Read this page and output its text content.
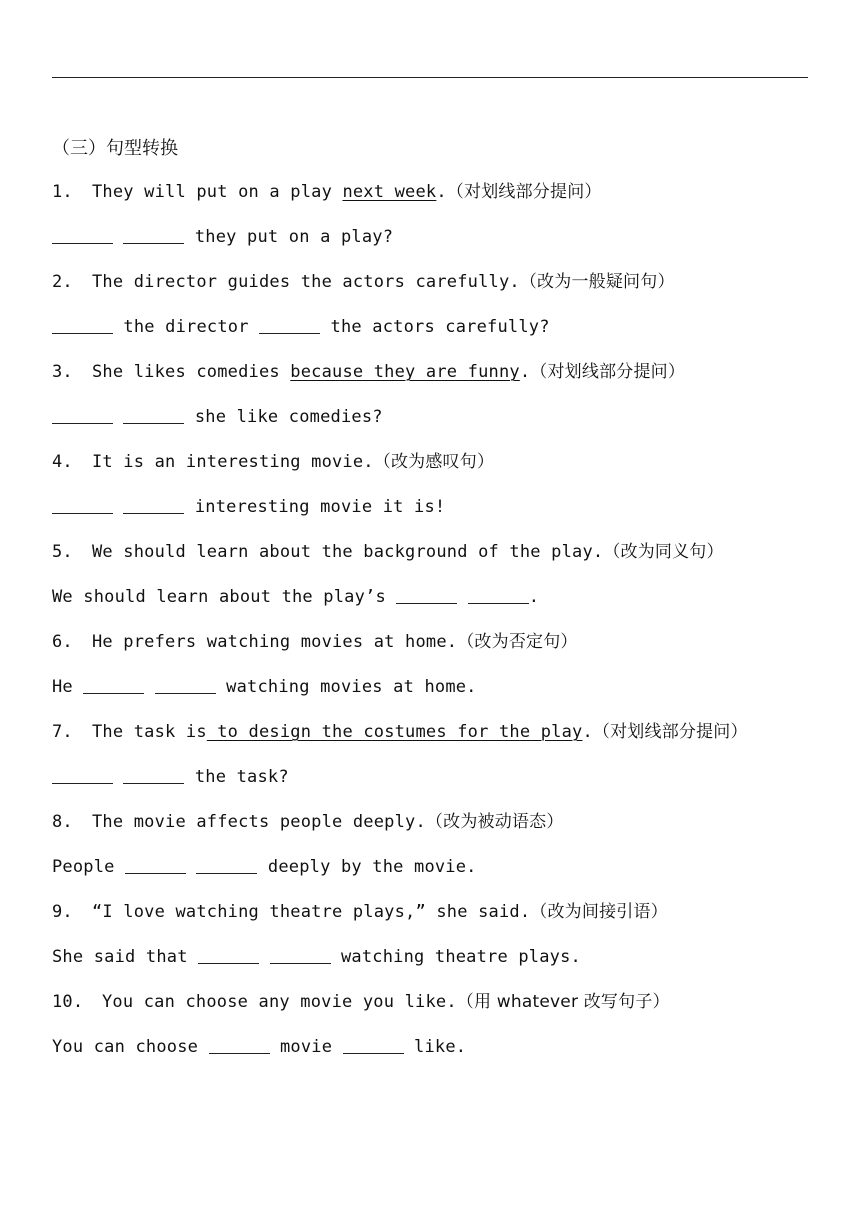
（三）句型转换
1. They will put on a play next week.（对划线部分提问）
they put on a play?
2. The director guides the actors carefully.（改为一般疑问句）
the director	the actors carefully?
3. She likes comedies because they are funny.（对划线部分提问）
she like comedies?
4. It is an interesting movie.（改为感叹句）
interesting movie it is!
5. We should learn about the background of the play.（改为同义句）
We should learn about the play’s	.
6. He prefers watching movies at home.（改为否定句）
He	watching movies at home.
7. The task is to design the costumes for the play.（对划线部分提问）
the task?
8. The movie affects people deeply.（改为被动语态）
People	deeply by the movie.
9. “I love watching theatre plays,” she said.（改为间接引语）
She said that	watching theatre plays.
10. You can choose any movie you like.（用 whatever 改写句子）
You can choose	movie	like.
